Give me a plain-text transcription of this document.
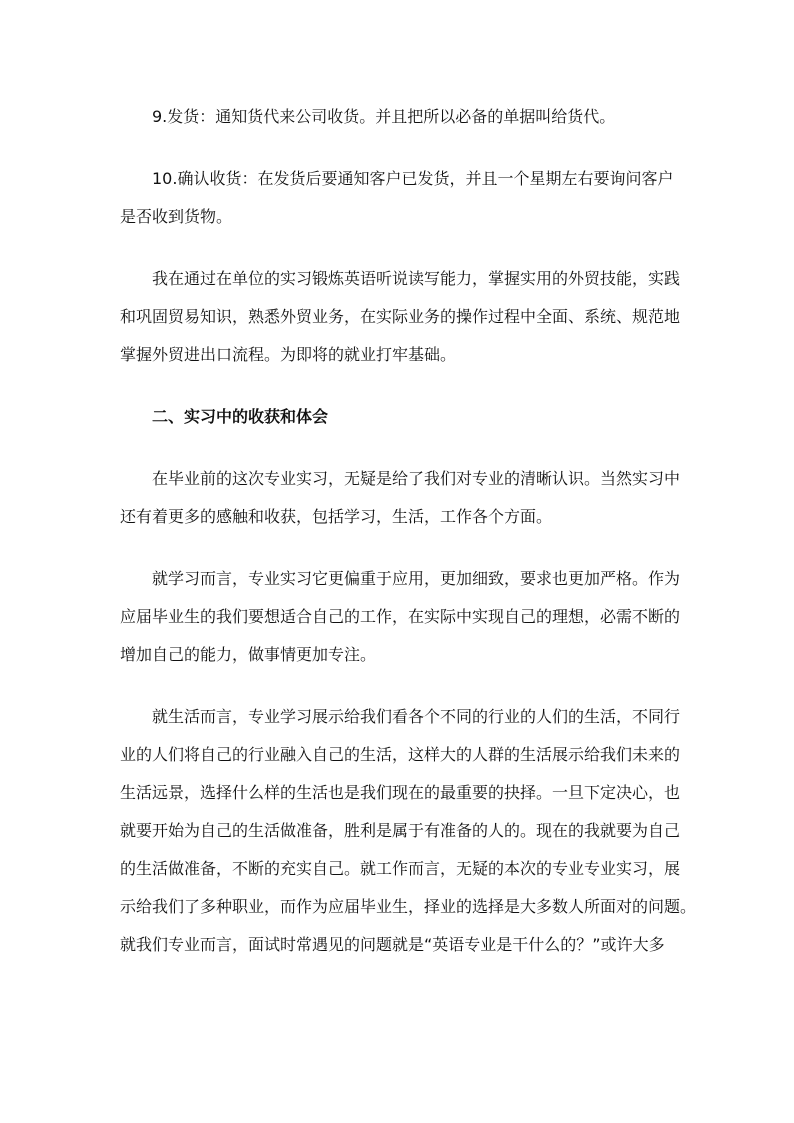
9.发货：通知货代来公司收货。并且把所以必备的单据叫给货代。
10.确认收货：在发货后要通知客户已发货，并且一个星期左右要询问客户
是否收到货物。
我在通过在单位的实习锻炼英语听说读写能力，掌握实用的外贸技能，实践
和巩固贸易知识，熟悉外贸业务，在实际业务的操作过程中全面、系统、规范地
掌握外贸进出口流程。为即将的就业打牢基础。
二、实习中的收获和体会
在毕业前的这次专业实习，无疑是给了我们对专业的清晰认识。当然实习中
还有着更多的感触和收获，包括学习，生活，工作各个方面。
就学习而言，专业实习它更偏重于应用，更加细致，要求也更加严格。作为
应届毕业生的我们要想适合自己的工作，在实际中实现自己的理想，必需不断的
增加自己的能力，做事情更加专注。
就生活而言，专业学习展示给我们看各个不同的行业的人们的生活，不同行
业的人们将自己的行业融入自己的生活，这样大的人群的生活展示给我们未来的
生活远景，选择什么样的生活也是我们现在的最重要的抉择。一旦下定决心，也
就要开始为自己的生活做准备，胜利是属于有准备的人的。现在的我就要为自己
的生活做准备，不断的充实自己。就工作而言，无疑的本次的专业专业实习，展
示给我们了多种职业，而作为应届毕业生，择业的选择是大多数人所面对的问题。
就我们专业而言，面试时常遇见的问题就是“英语专业是干什么的？”或许大多
